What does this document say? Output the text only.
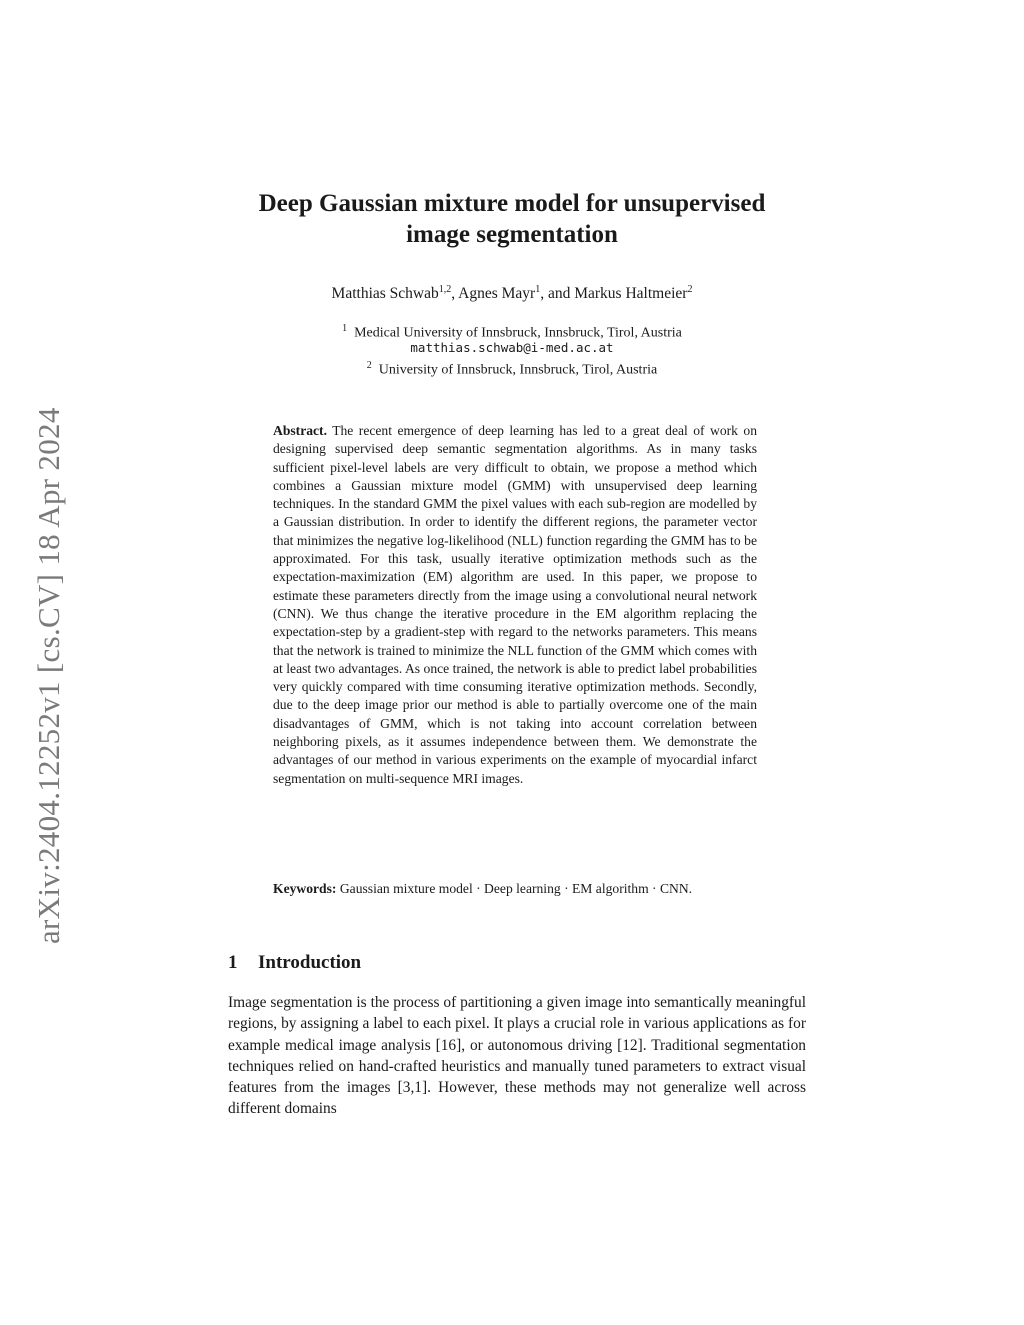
arXiv:2404.12252v1 [cs.CV] 18 Apr 2024
Deep Gaussian mixture model for unsupervised
image segmentation
Matthias Schwab$^{1,2}$, Agnes Mayr$^1$, and Markus Haltmeier$^2$
$^1$ Medical University of Innsbruck, Innsbruck, Tirol, Austria
matthias.schwab@i-med.ac.at
$^2$ University of Innsbruck, Innsbruck, Tirol, Austria
Abstract. The recent emergence of deep learning has led to a great deal of work on designing supervised deep semantic segmentation algorithms. As in many tasks sufficient pixel-level labels are very difficult to obtain, we propose a method which combines a Gaussian mixture model (GMM) with unsupervised deep learning techniques. In the standard GMM the pixel values with each sub-region are modelled by a Gaussian distribution. In order to identify the different regions, the parameter vector that minimizes the negative log-likelihood (NLL) function regarding the GMM has to be approximated. For this task, usually iterative optimization methods such as the expectation-maximization (EM) algorithm are used. In this paper, we propose to estimate these parameters directly from the image using a convolutional neural network (CNN). We thus change the iterative procedure in the EM algorithm replacing the expectation-step by a gradient-step with regard to the networks parameters. This means that the network is trained to minimize the NLL function of the GMM which comes with at least two advantages. As once trained, the network is able to predict label probabilities very quickly compared with time consuming iterative optimization methods. Secondly, due to the deep image prior our method is able to partially overcome one of the main disadvantages of GMM, which is not taking into account correlation between neighboring pixels, as it assumes independence between them. We demonstrate the advantages of our method in various experiments on the example of myocardial infarct segmentation on multi-sequence MRI images.
Keywords: Gaussian mixture model · Deep learning · EM algorithm · CNN.
1 Introduction
Image segmentation is the process of partitioning a given image into semantically meaningful regions, by assigning a label to each pixel. It plays a crucial role in various applications as for example medical image analysis [16], or autonomous driving [12]. Traditional segmentation techniques relied on hand-crafted heuristics and manually tuned parameters to extract visual features from the images [3,1]. However, these methods may not generalize well across different domains
